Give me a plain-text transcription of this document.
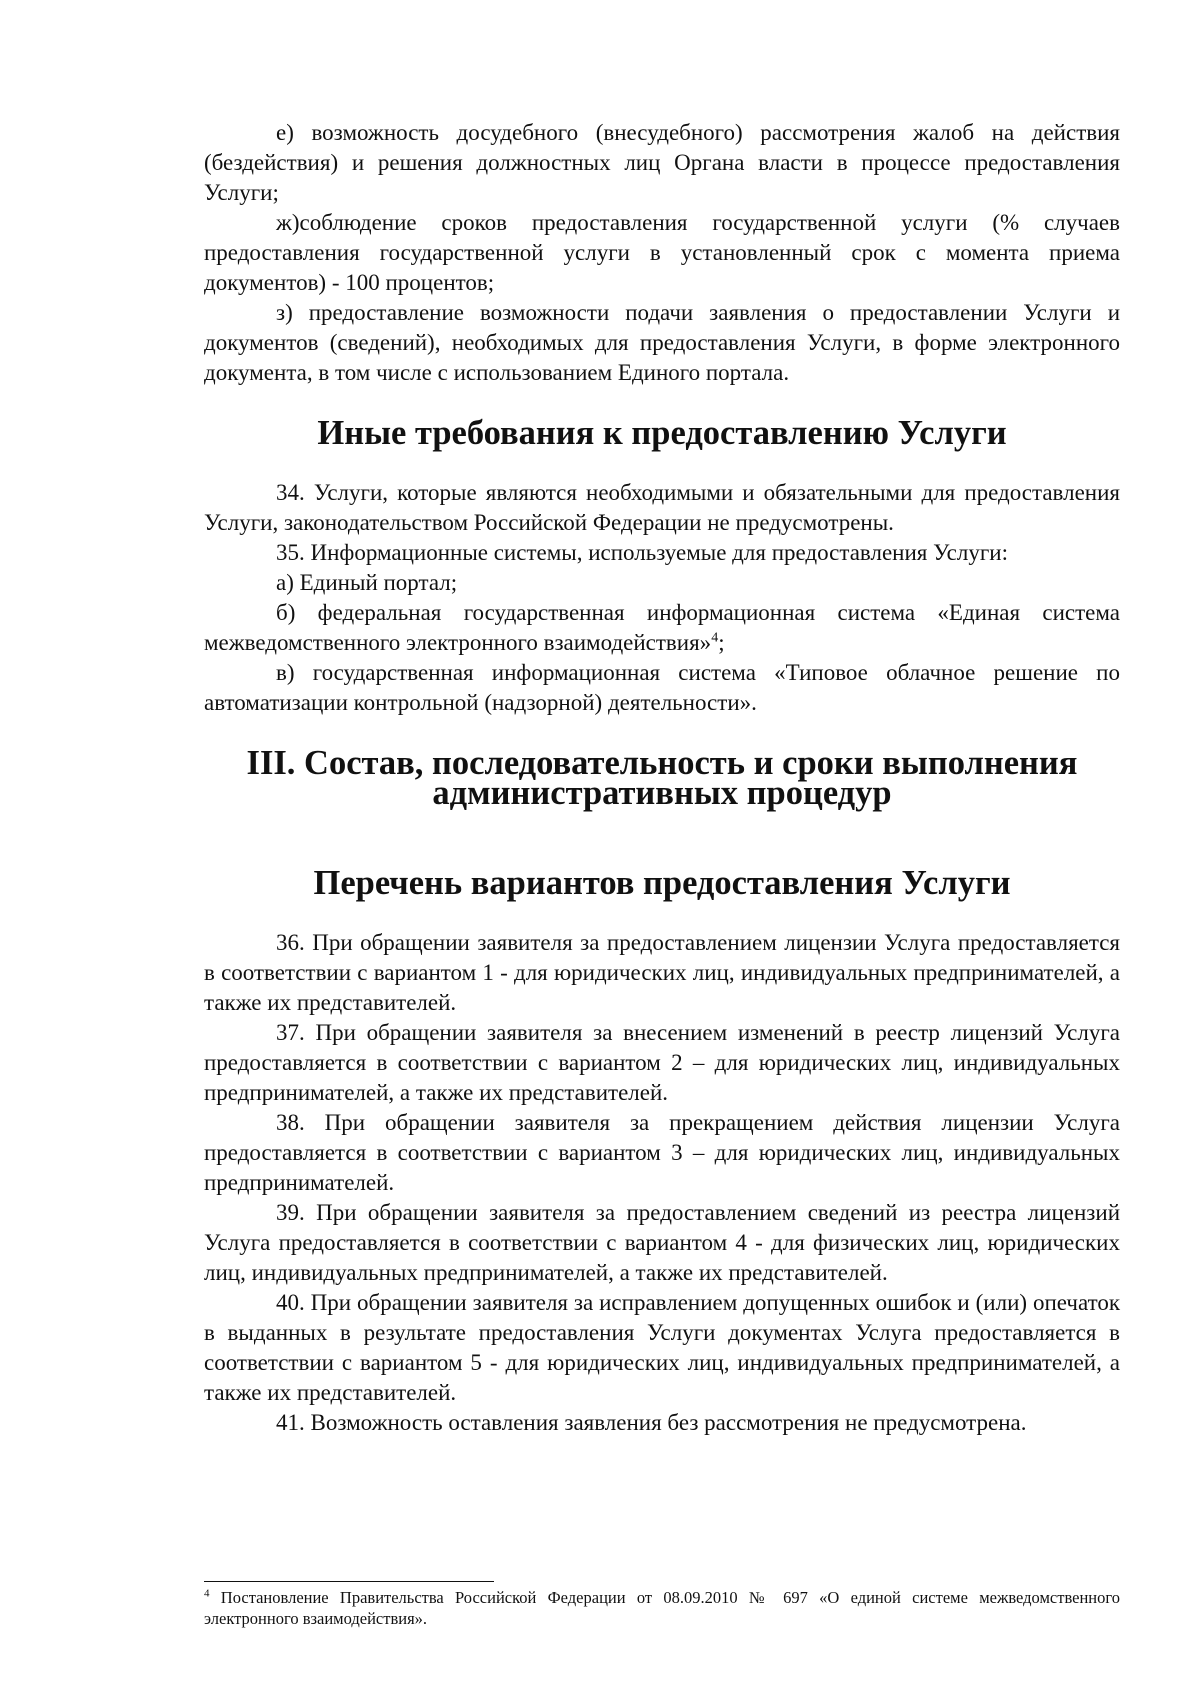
е) возможность досудебного (внесудебного) рассмотрения жалоб на действия (бездействия) и решения должностных лиц Органа власти в процессе предоставления Услуги;

ж)соблюдение сроков предоставления государственной услуги (% случаев предоставления государственной услуги в установленный срок с момента приема документов) - 100 процентов;

з) предоставление возможности подачи заявления о предоставлении Услуги и документов (сведений), необходимых для предоставления Услуги, в форме электронного документа, в том числе с использованием Единого портала.

Иные требования к предоставлению Услуги

34. Услуги, которые являются необходимыми и обязательными для предоставления Услуги, законодательством Российской Федерации не предусмотрены.

35. Информационные системы, используемые для предоставления Услуги:

а) Единый портал;

б) федеральная государственная информационная система «Единая система межведомственного электронного взаимодействия»$^4$;

в) государственная информационная система «Типовое облачное решение по автоматизации контрольной (надзорной) деятельности».

III. Состав, последовательность и сроки выполнения административных процедур
Перечень вариантов предоставления Услуги

36. При обращении заявителя за предоставлением лицензии Услуга предоставляется в соответствии с вариантом 1 - для юридических лиц, индивидуальных предпринимателей, а также их представителей.

37. При обращении заявителя за внесением изменений в реестр лицензий Услуга предоставляется в соответствии с вариантом 2 – для юридических лиц, индивидуальных предпринимателей, а также их представителей.

38. При обращении заявителя за прекращением действия лицензии Услуга предоставляется в соответствии с вариантом 3 – для юридических лиц, индивидуальных предпринимателей.

39. При обращении заявителя за предоставлением сведений из реестра лицензий Услуга предоставляется в соответствии с вариантом 4 - для физических лиц, юридических лиц, индивидуальных предпринимателей, а также их представителей.

40. При обращении заявителя за исправлением допущенных ошибок и (или) опечаток в выданных в результате предоставления Услуги документах Услуга предоставляется в соответствии с вариантом 5 - для юридических лиц, индивидуальных предпринимателей, а также их представителей.

41. Возможность оставления заявления без рассмотрения не предусмотрена.

$^4$ Постановление Правительства Российской Федерации от 08.09.2010 № 697 «О единой системе межведомственного электронного взаимодействия».
